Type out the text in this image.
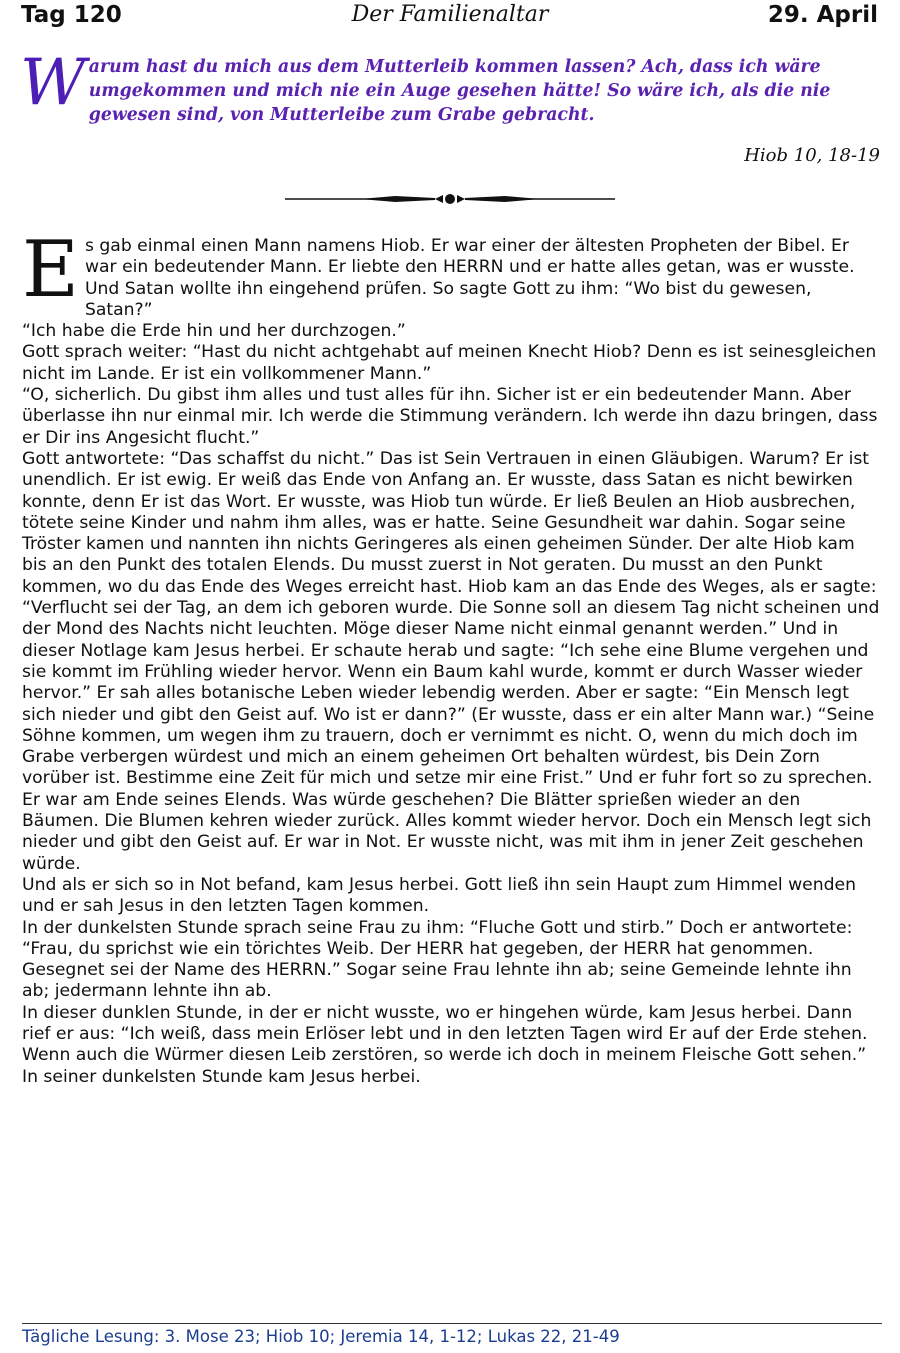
Tag 120	Der Familienaltar	29. April
W arum hast du mich aus dem Mutterleib kommen lassen? Ach, dass ich wäre umgekommen und mich nie ein Auge gesehen hätte! So wäre ich, als die nie gewesen sind, von Mutterleibe zum Grabe gebracht.
Hiob 10, 18-19

Es gab einmal einen Mann namens Hiob. Er war einer der ältesten Propheten der Bibel. Er war ein bedeutender Mann. Er liebte den HERRN und er hatte alles getan, was er wusste. Und Satan wollte ihn eingehend prüfen. So sagte Gott zu ihm: “Wo bist du gewesen, Satan?”

“Ich habe die Erde hin und her durchzogen.”

Gott sprach weiter: “Hast du nicht achtgehabt auf meinen Knecht Hiob? Denn es ist seinesgleichen nicht im Lande. Er ist ein vollkommener Mann.”

“O, sicherlich. Du gibst ihm alles und tust alles für ihn. Sicher ist er ein bedeutender Mann. Aber überlasse ihn nur einmal mir. Ich werde die Stimmung verändern. Ich werde ihn dazu bringen, dass er Dir ins Angesicht flucht.”

Gott antwortete: “Das schaffst du nicht.” Das ist Sein Vertrauen in einen Gläubigen. Warum? Er ist unendlich. Er ist ewig. Er weiß das Ende von Anfang an. Er wusste, dass Satan es nicht bewirken konnte, denn Er ist das Wort. Er wusste, was Hiob tun würde. Er ließ Beulen an Hiob ausbrechen, tötete seine Kinder und nahm ihm alles, was er hatte. Seine Gesundheit war dahin. Sogar seine Tröster kamen und nannten ihn nichts Geringeres als einen geheimen Sünder. Der alte Hiob kam bis an den Punkt des totalen Elends. Du musst zuerst in Not geraten. Du musst an den Punkt kommen, wo du das Ende des Weges erreicht hast. Hiob kam an das Ende des Weges, als er sagte: “Verflucht sei der Tag, an dem ich geboren wurde. Die Sonne soll an diesem Tag nicht scheinen und der Mond des Nachts nicht leuchten. Möge dieser Name nicht einmal genannt werden.” Und in dieser Notlage kam Jesus herbei. Er schaute herab und sagte: “Ich sehe eine Blume vergehen und sie kommt im Frühling wieder hervor. Wenn ein Baum kahl wurde, kommt er durch Wasser wieder hervor.” Er sah alles botanische Leben wieder lebendig werden. Aber er sagte: “Ein Mensch legt sich nieder und gibt den Geist auf. Wo ist er dann?” (Er wusste, dass er ein alter Mann war.) “Seine Söhne kommen, um wegen ihm zu trauern, doch er vernimmt es nicht. O, wenn du mich doch im Grabe verbergen würdest und mich an einem geheimen Ort behalten würdest, bis Dein Zorn vorüber ist. Bestimme eine Zeit für mich und setze mir eine Frist.” Und er fuhr fort so zu sprechen.

Er war am Ende seines Elends. Was würde geschehen? Die Blätter sprießen wieder an den Bäumen. Die Blumen kehren wieder zurück. Alles kommt wieder hervor. Doch ein Mensch legt sich nieder und gibt den Geist auf. Er war in Not. Er wusste nicht, was mit ihm in jener Zeit geschehen würde.

Und als er sich so in Not befand, kam Jesus herbei. Gott ließ ihn sein Haupt zum Himmel wenden und er sah Jesus in den letzten Tagen kommen.

In der dunkelsten Stunde sprach seine Frau zu ihm: “Fluche Gott und stirb.” Doch er antwortete: “Frau, du sprichst wie ein törichtes Weib. Der HERR hat gegeben, der HERR hat genommen. Gesegnet sei der Name des HERRN.” Sogar seine Frau lehnte ihn ab; seine Gemeinde lehnte ihn ab; jedermann lehnte ihn ab.

In dieser dunklen Stunde, in der er nicht wusste, wo er hingehen würde, kam Jesus herbei. Dann rief er aus: “Ich weiß, dass mein Erlöser lebt und in den letzten Tagen wird Er auf der Erde stehen. Wenn auch die Würmer diesen Leib zerstören, so werde ich doch in meinem Fleische Gott sehen.” In seiner dunkelsten Stunde kam Jesus herbei.

Tägliche Lesung: 3. Mose 23; Hiob 10; Jeremia 14, 1-12; Lukas 22, 21-49
